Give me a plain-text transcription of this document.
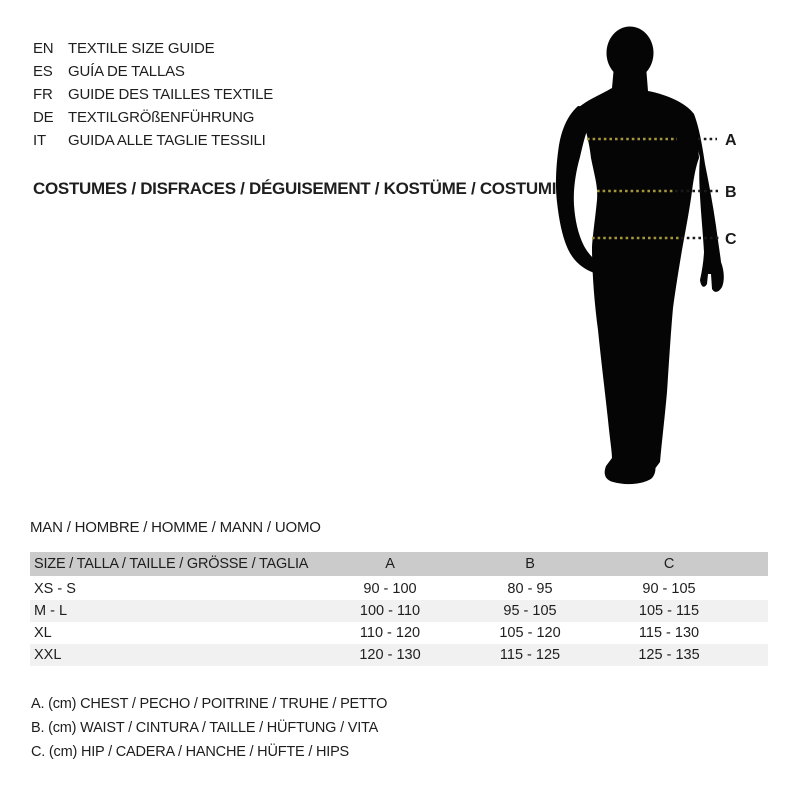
EN TEXTILE SIZE GUIDE
ES	GUÍA DE TALLAS
FR	GUIDE DES TAILLES TEXTILE
DE TEXTILGRÖßENFÜHRUNG
IT	GUIDA ALLE TAGLIE TESSILI
COSTUMES / DISFRACES / DÉGUISEMENT / KOSTÜME / COSTUMI
A
B
C
MAN / HOMBRE / HOMME / MANN / UOMO
SIZE / TALLA / TAILLE / GRÖSSE / TAGLIA	A	B	C	
XS - S	90 - 100	80 - 95	90 - 105	
M - L	100 - 110	95 - 105	105 - 115	
XL	110 - 120	105 - 120	115 - 130	
XXL	120 - 130	115 - 125	125 - 135	
A. (cm) CHEST / PECHO / POITRINE / TRUHE / PETTO
B. (cm) WAIST / CINTURA / TAILLE / HÜFTUNG / VITA
C. (cm) HIP / CADERA / HANCHE / HÜFTE / HIPS
